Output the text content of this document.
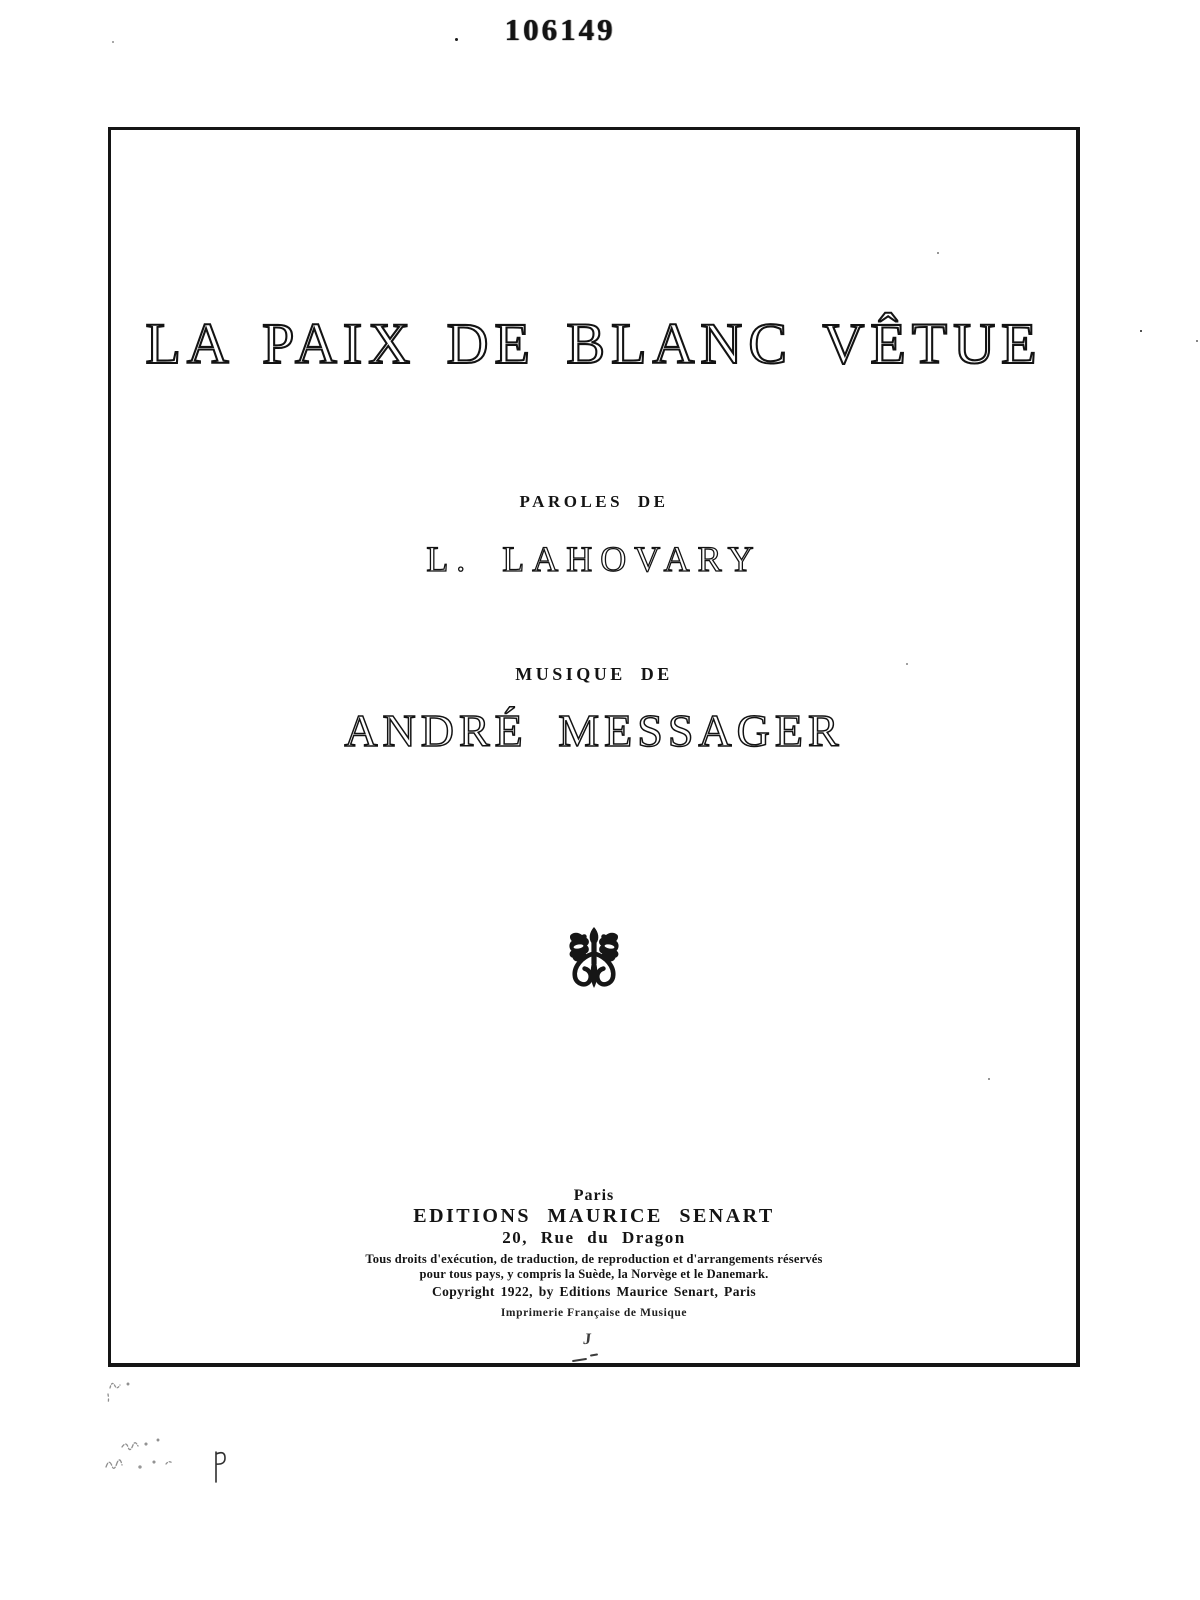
106149
LA PAIX DE BLANC VÊTUE
PAROLES DE
L. LAHOVARY
MUSIQUE DE
ANDRÉ MESSAGER
Paris
EDITIONS MAURICE SENART
20, Rue du Dragon
Tous droits d'exécution, de traduction, de reproduction et d'arrangements réservés
pour tous pays, y compris la Suède, la Norvège et le Danemark.
Copyright 1922, by Editions Maurice Senart, Paris
Imprimerie Française de Musique
J
